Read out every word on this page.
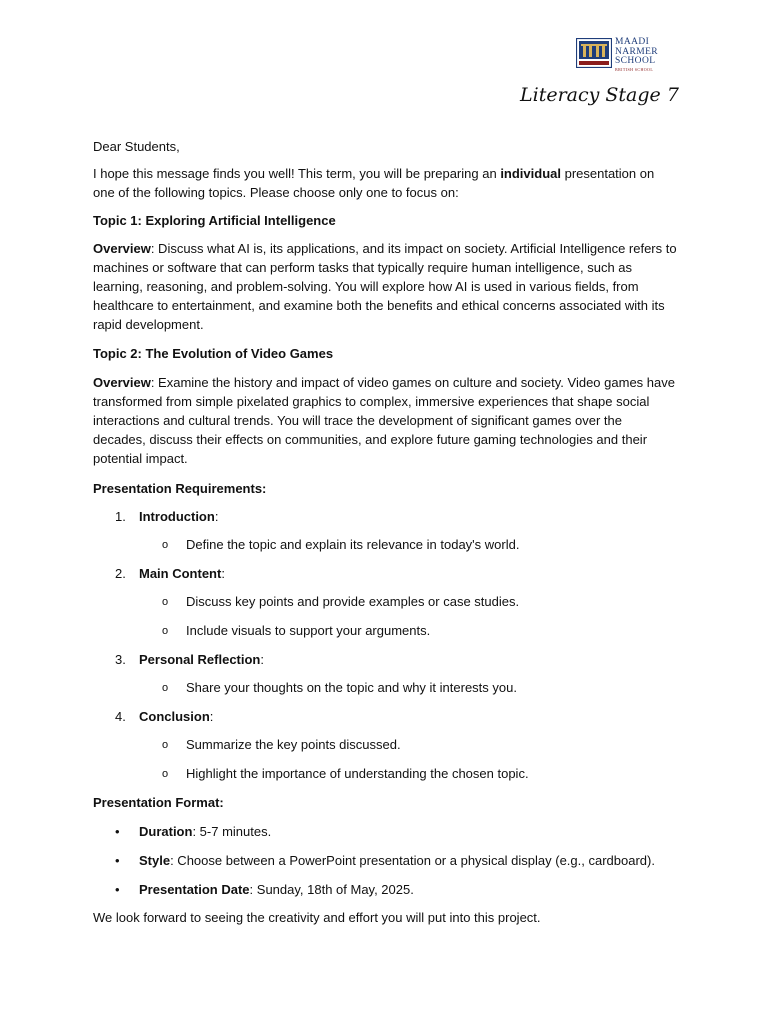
MAADI
NARMER
SCHOOL
BRITISH SCHOOL
Literacy Stage 7
Dear Students,
I hope this message finds you well! This term, you will be preparing an individual presentation on
one of the following topics. Please choose only one to focus on:
Topic 1: Exploring Artificial Intelligence
Overview: Discuss what AI is, its applications, and its impact on society. Artificial Intelligence refers to
machines or software that can perform tasks that typically require human intelligence, such as
learning, reasoning, and problem-solving. You will explore how AI is used in various fields, from
healthcare to entertainment, and examine both the benefits and ethical concerns associated with its
rapid development.
Topic 2: The Evolution of Video Games
Overview: Examine the history and impact of video games on culture and society. Video games have
transformed from simple pixelated graphics to complex, immersive experiences that shape social
interactions and cultural trends. You will trace the development of significant games over the
decades, discuss their effects on communities, and explore future gaming technologies and their
potential impact.
Presentation Requirements:
1. Introduction:
o Define the topic and explain its relevance in today's world.
2. Main Content:
o Discuss key points and provide examples or case studies.
o Include visuals to support your arguments.
3. Personal Reflection:
o Share your thoughts on the topic and why it interests you.
4. Conclusion:
o Summarize the key points discussed.
o Highlight the importance of understanding the chosen topic.
Presentation Format:
• Duration: 5-7 minutes.
• Style: Choose between a PowerPoint presentation or a physical display (e.g., cardboard).
• Presentation Date: Sunday, 18th of May, 2025.
We look forward to seeing the creativity and effort you will put into this project.
